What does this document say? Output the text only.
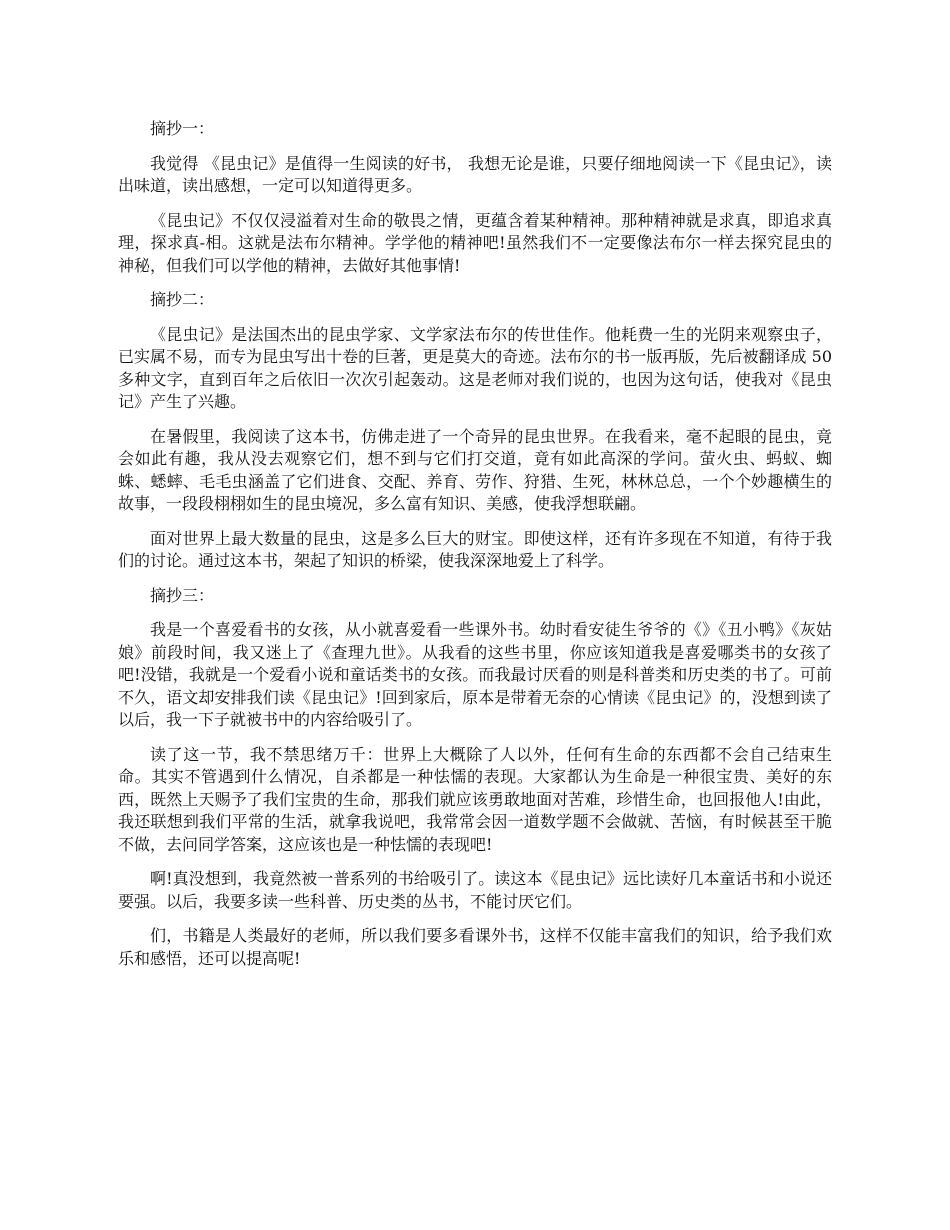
摘抄一：

我觉得 《昆虫记》是值得一生阅读的好书， 我想无论是谁，只要仔细地阅读一下《昆虫记》，读出味道，读出感想，一定可以知道得更多。

《昆虫记》不仅仅浸溢着对生命的敬畏之情，更蕴含着某种精神。那种精神就是求真，即追求真理，探求真-相。这就是法布尔精神。学学他的精神吧!虽然我们不一定要像法布尔一样去探究昆虫的神秘，但我们可以学他的精神，去做好其他事情!

摘抄二：

《昆虫记》是法国杰出的昆虫学家、文学家法布尔的传世佳作。他耗费一生的光阴来观察虫子，已实属不易，而专为昆虫写出十卷的巨著，更是莫大的奇迹。法布尔的书一版再版，先后被翻译成 50 多种文字，直到百年之后依旧一次次引起轰动。这是老师对我们说的，也因为这句话，使我对《昆虫记》产生了兴趣。

在暑假里，我阅读了这本书，仿佛走进了一个奇异的昆虫世界。在我看来，毫不起眼的昆虫，竟会如此有趣，我从没去观察它们，想不到与它们打交道，竟有如此高深的学问。萤火虫、蚂蚁、蜘蛛、蟋蟀、毛毛虫涵盖了它们进食、交配、养育、劳作、狩猎、生死，林林总总，一个个妙趣横生的故事，一段段栩栩如生的昆虫境况，多么富有知识、美感，使我浮想联翩。

面对世界上最大数量的昆虫，这是多么巨大的财宝。即使这样，还有许多现在不知道，有待于我们的讨论。通过这本书，架起了知识的桥梁，使我深深地爱上了科学。

摘抄三：

我是一个喜爱看书的女孩，从小就喜爱看一些课外书。幼时看安徒生爷爷的《》《丑小鸭》《灰姑娘》前段时间，我又迷上了《查理九世》。从我看的这些书里，你应该知道我是喜爱哪类书的女孩了吧!没错，我就是一个爱看小说和童话类书的女孩。而我最讨厌看的则是科普类和历史类的书了。可前不久，语文却安排我们读《昆虫记》!回到家后，原本是带着无奈的心情读《昆虫记》的，没想到读了以后，我一下子就被书中的内容给吸引了。

读了这一节，我不禁思绪万千：世界上大概除了人以外，任何有生命的东西都不会自己结束生命。其实不管遇到什么情况，自杀都是一种怯懦的表现。大家都认为生命是一种很宝贵、美好的东西，既然上天赐予了我们宝贵的生命，那我们就应该勇敢地面对苦难，珍惜生命，也回报他人!由此，我还联想到我们平常的生活，就拿我说吧，我常常会因一道数学题不会做就、苦恼，有时候甚至干脆不做，去问同学答案，这应该也是一种怯懦的表现吧!

啊!真没想到，我竟然被一普系列的书给吸引了。读这本《昆虫记》远比读好几本童话书和小说还要强。以后，我要多读一些科普、历史类的丛书，不能讨厌它们。

们，书籍是人类最好的老师，所以我们要多看课外书，这样不仅能丰富我们的知识，给予我们欢乐和感悟，还可以提高呢!
